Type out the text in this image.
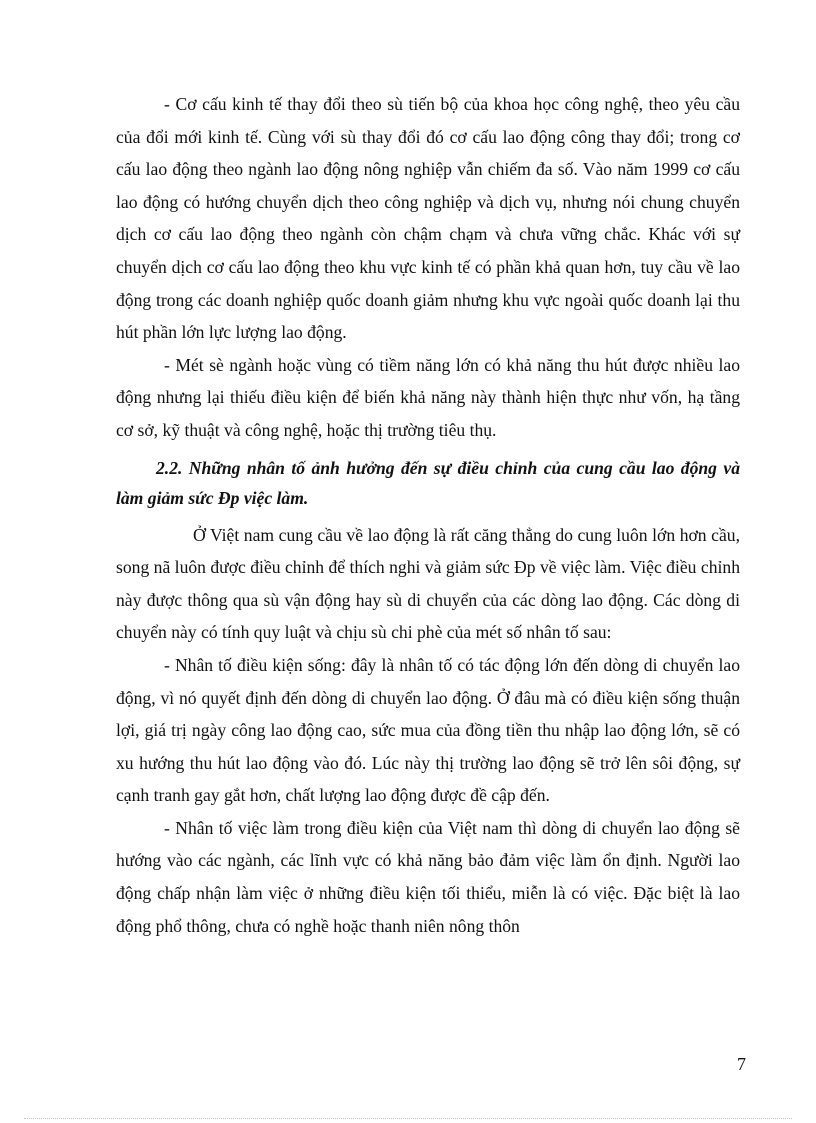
- Cơ cấu kinh tế thay đổi theo sù tiến bộ của khoa học công nghệ, theo yêu cầu của đổi mới kinh tế. Cùng với sù thay đổi đó cơ cấu lao động công thay đổi; trong cơ cấu lao động theo ngành lao động nông nghiệp vẫn chiếm đa số. Vào năm 1999 cơ cấu lao động có hướng chuyển dịch theo công nghiệp và dịch vụ, nhưng nói chung chuyển dịch cơ cấu lao động theo ngành còn chậm chạm và chưa vững chắc. Khác với sự chuyển dịch cơ cấu lao động theo khu vực kinh tế có phần khả quan hơn, tuy cầu về lao động trong các doanh nghiệp quốc doanh giảm nhưng khu vực ngoài quốc doanh lại thu hút phần lớn lực lượng lao động.

- Mét sè ngành hoặc vùng có tiềm năng lớn có khả năng thu hút được nhiều lao động nhưng lại thiếu điều kiện để biến khả năng này thành hiện thực như vốn, hạ tầng cơ sở, kỹ thuật và công nghệ, hoặc thị trường tiêu thụ.

2.2. Những nhân tố ảnh hưởng đến sự điều chỉnh của cung cầu lao động và làm giảm sức Ðp việc làm.

Ở Việt nam cung cầu về lao động là rất căng thẳng do cung luôn lớn hơn cầu, song nã luôn được điều chỉnh để thích nghi và giảm sức Ðp về việc làm. Việc điều chỉnh này được thông qua sù vận động hay sù di chuyển của các dòng lao động. Các dòng di chuyển này có tính quy luật và chịu sù chi phè của mét số nhân tố sau:

- Nhân tố điều kiện sống: đây là nhân tố có tác động lớn đến dòng di chuyển lao động, vì nó quyết định đến dòng di chuyển lao động. Ở đâu mà có điều kiện sống thuận lợi, giá trị ngày công lao động cao, sức mua của đồng tiền thu nhập lao động lớn, sẽ có xu hướng thu hút lao động vào đó. Lúc này thị trường lao động sẽ trở lên sôi động, sự cạnh tranh gay gắt hơn, chất lượng lao động được đề cập đến.

- Nhân tố việc làm trong điều kiện của Việt nam thì dòng di chuyển lao động sẽ hướng vào các ngành, các lĩnh vực có khả năng bảo đảm việc làm ổn định. Người lao động chấp nhận làm việc ở những điều kiện tối thiểu, miễn là có việc. Đặc biệt là lao động phổ thông, chưa có nghề hoặc thanh niên nông thôn

7
